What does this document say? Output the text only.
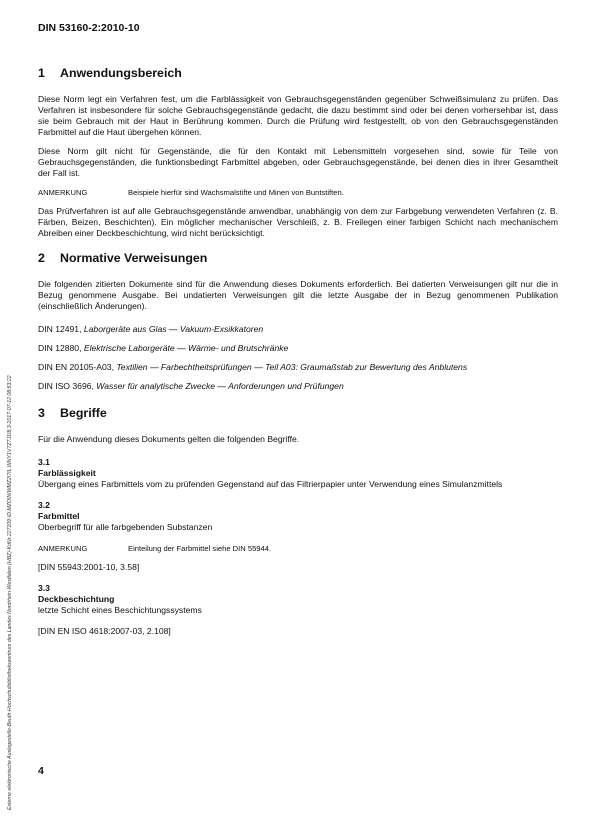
DIN 53160-2:2010-10
Externe elektronische Auslegestelle-Beuth-Hochschulbibliothekszentrum des Landes Nordrhein-Westfalen (HBZ)-KdNr.227109-ID.MZOINIWMZ2I7IL.WNY1V7ZTJ1I8.3-2017-07-12 08:53:22
1	Anwendungsbereich

Diese Norm legt ein Verfahren fest, um die Farblässigkeit von Gebrauchsgegenständen gegenüber Schweißsimulanz zu prüfen. Das Verfahren ist insbesondere für solche Gebrauchsgegenstände gedacht, die dazu bestimmt sind oder bei denen vorhersehbar ist, dass sie beim Gebrauch mit der Haut in Berührung kommen. Durch die Prüfung wird festgestellt, ob von den Gebrauchsgegenständen Farbmittel auf die Haut übergehen können.

Diese Norm gilt nicht für Gegenstände, die für den Kontakt mit Lebensmitteln vorgesehen sind, sowie für Teile von Gebrauchsgegenständen, die funktionsbedingt Farbmittel abgeben, oder Gebrauchsgegenstände, bei denen dies in ihrer Gesamtheit der Fall ist.

ANMERKUNG	Beispiele hierfür sind Wachsmalstifte und Minen von Buntstiften.

Das Prüfverfahren ist auf alle Gebrauchsgegenstände anwendbar, unabhängig von dem zur Farbgebung verwendeten Verfahren (z. B. Färben, Beizen, Beschichten). Ein möglicher mechanischer Verschleiß, z. B. Freilegen einer farbigen Schicht nach mechanischem Abreiben einer Deckbeschichtung, wird nicht berücksichtigt.

2	Normative Verweisungen

Die folgenden zitierten Dokumente sind für die Anwendung dieses Dokuments erforderlich. Bei datierten Verweisungen gilt nur die in Bezug genommene Ausgabe. Bei undatierten Verweisungen gilt die letzte Ausgabe der in Bezug genommenen Publikation (einschließlich Änderungen).

DIN 12491, Laborgeräte aus Glas — Vakuum-Exsikkatoren
DIN 12880, Elektrische Laborgeräte — Wärme- und Brutschränke
DIN EN 20105-A03, Textilien — Farbechtheitsprüfungen — Teil A03: Graumaßstab zur Bewertung des Anblutens
DIN ISO 3696, Wasser für analytische Zwecke — Anforderungen und Prüfungen
3	Begriffe

Für die Anwendung dieses Dokuments gelten die folgenden Begriffe.

3.1
Farblässigkeit
Übergang eines Farbmittels vom zu prüfenden Gegenstand auf das Filtrierpapier unter Verwendung eines Simulanzmittels
3.2
Farbmittel
Oberbegriff für alle farbgebenden Substanzen
ANMERKUNG	Einteilung der Farbmittel siehe DIN 55944.
[DIN 55943:2001-10, 3.58]
3.3
Deckbeschichtung
letzte Schicht eines Beschichtungssystems
[DIN EN ISO 4618:2007-03, 2.108]
4
